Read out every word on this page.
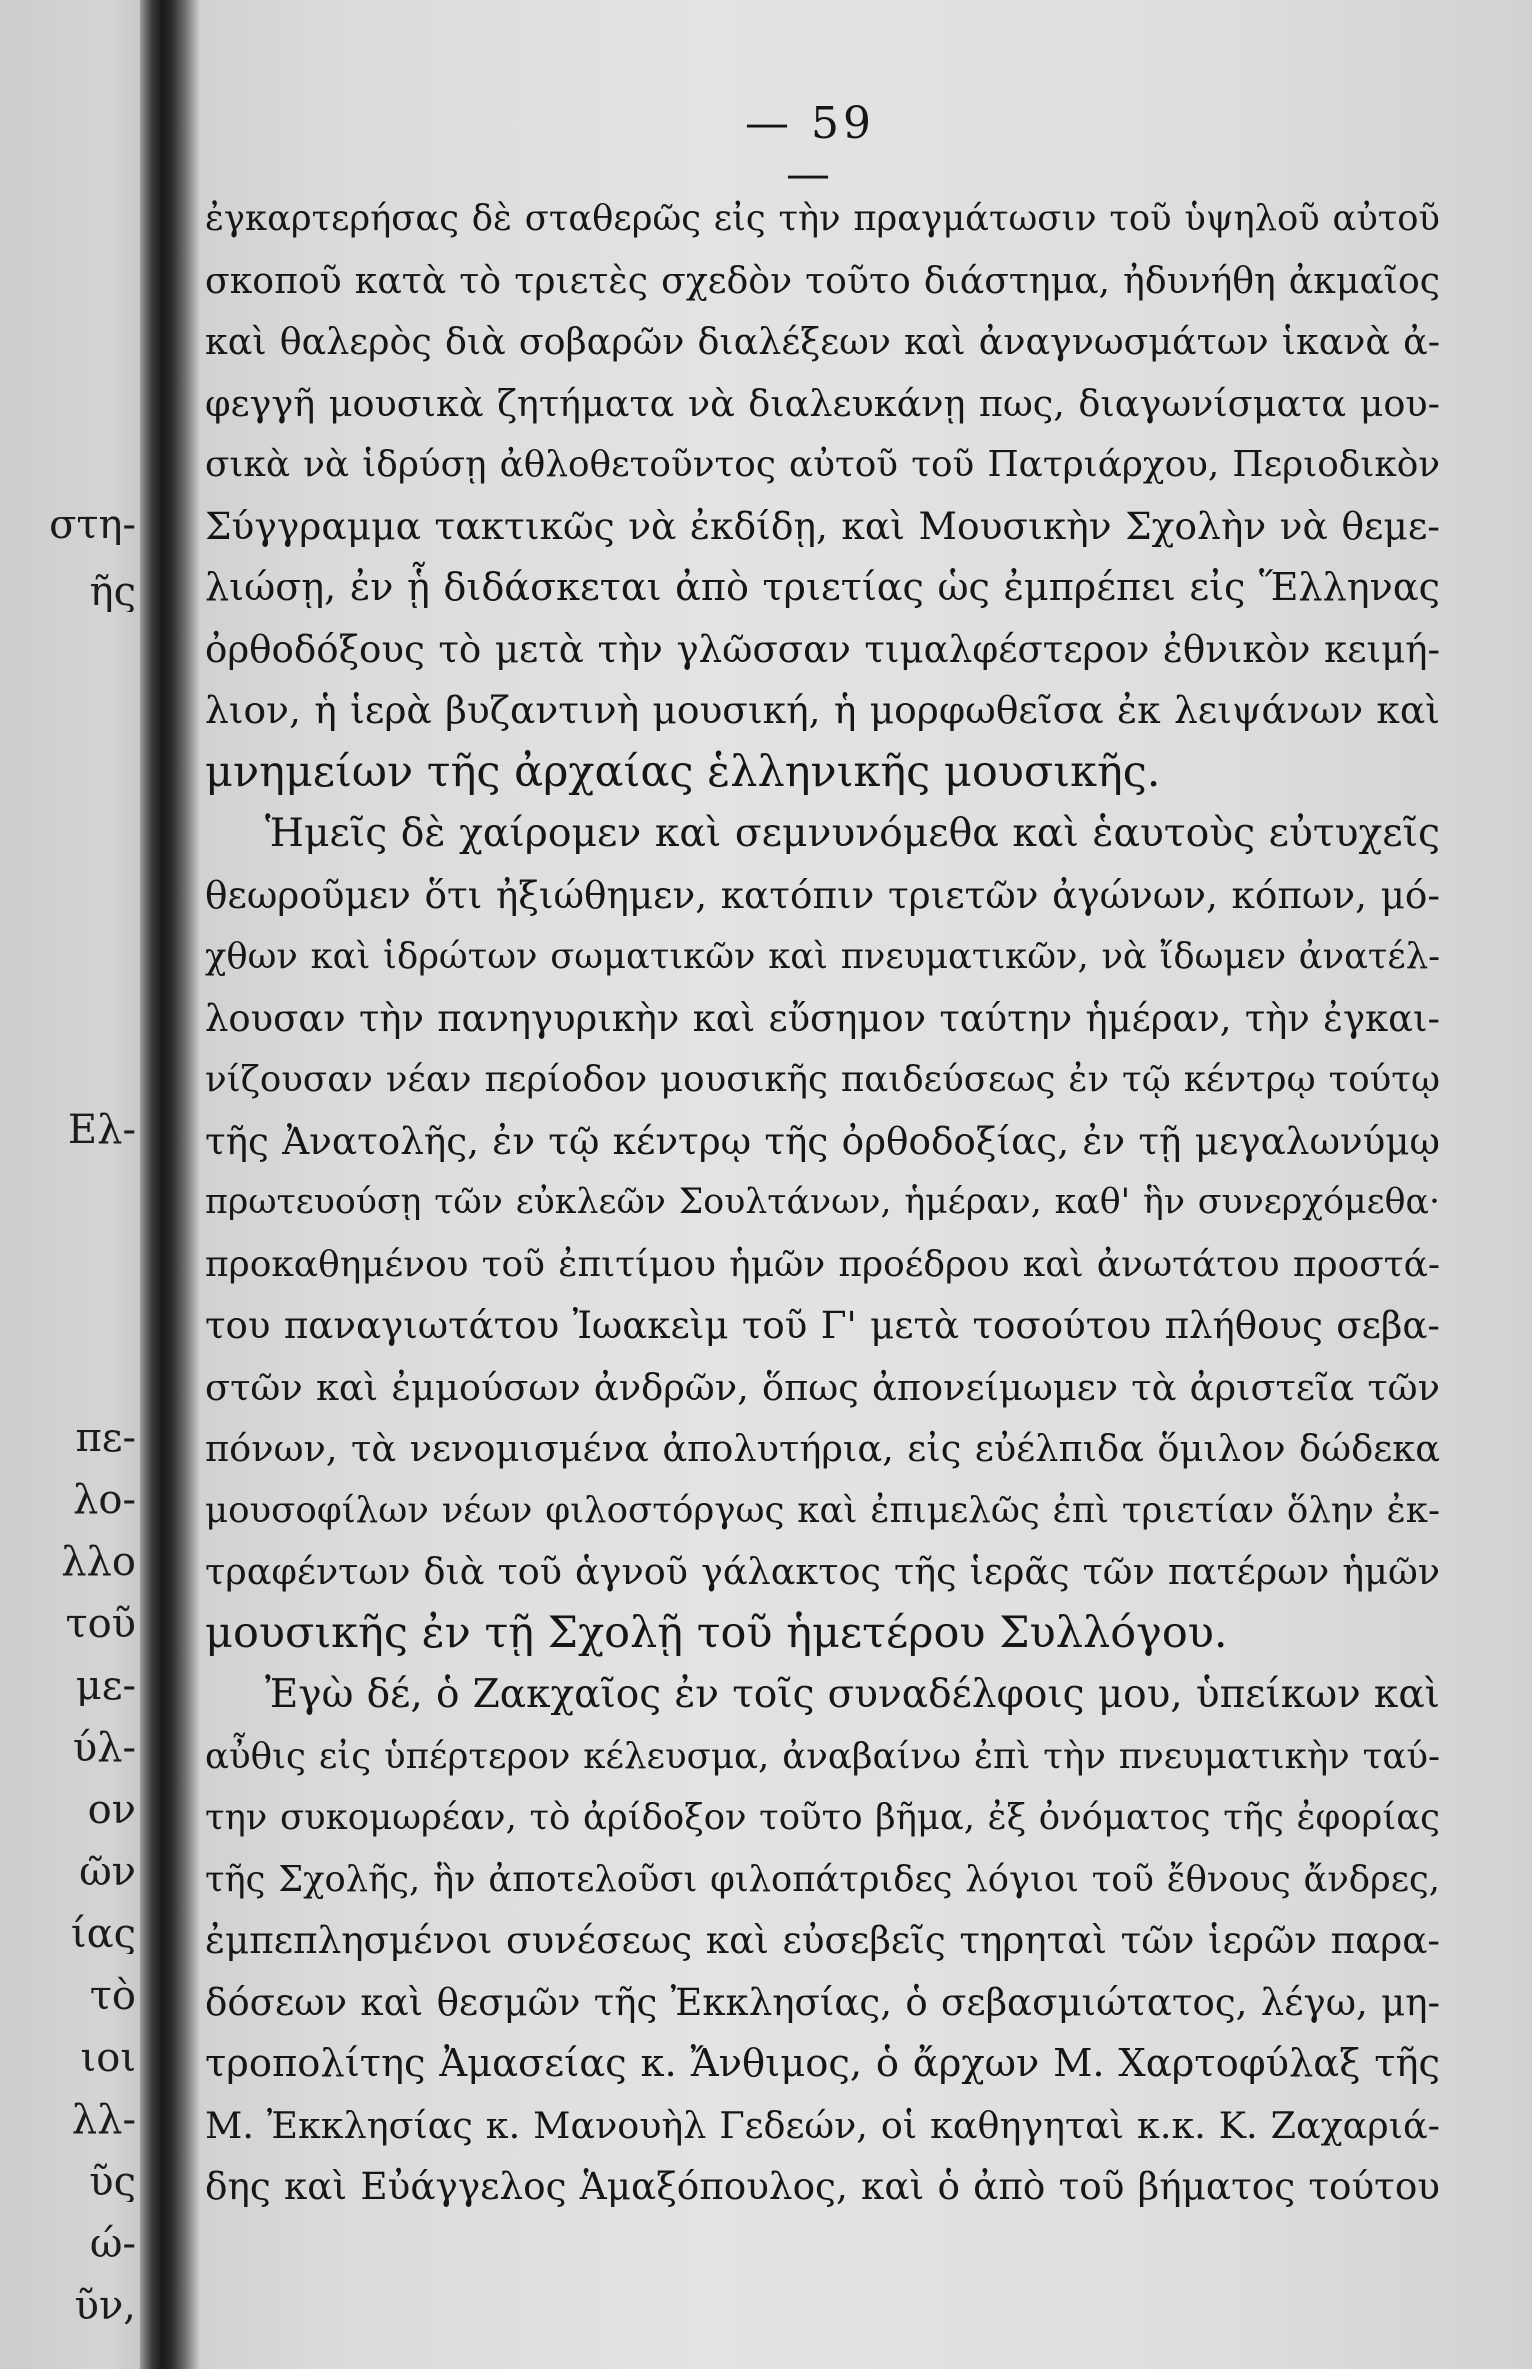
στη-
ῆς
Ελ-
πε-
λο-
λλο
τοῦ
με-
ύλ-
ον
ῶν
ίας
τὸ
ιοι
λλ-
ῦς
ώ-
ῦν,
— 59 —
ἐγκαρτερήσας δὲ σταθερῶς εἰς τὴν πραγμάτωσιν τοῦ ὑψηλοῦ αὐτοῦ
σκοποῦ κατὰ τὸ τριετὲς σχεδὸν τοῦτο διάστημα, ἠδυνήθη ἀκμαῖος
καὶ θαλερὸς διὰ σοβαρῶν διαλέξεων καὶ ἀναγνωσμάτων ἱκανὰ ἀ-
φεγγῆ μουσικὰ ζητήματα νὰ διαλευκάνῃ πως, διαγωνίσματα μου-
σικὰ νὰ ἱδρύσῃ ἀθλοθετοῦντος αὐτοῦ τοῦ Πατριάρχου, Περιοδικὸν
Σύγγραμμα τακτικῶς νὰ ἐκδίδῃ, καὶ Μουσικὴν Σχολὴν νὰ θεμε-
λιώσῃ, ἐν ᾗ διδάσκεται ἀπὸ τριετίας ὡς ἐμπρέπει εἰς Ἕλληνας
ὀρθοδόξους τὸ μετὰ τὴν γλῶσσαν τιμαλφέστερον ἐθνικὸν κειμή-
λιον, ἡ ἱερὰ βυζαντινὴ μουσική, ἡ μορφωθεῖσα ἐκ λειψάνων καὶ
μνημείων τῆς ἀρχαίας ἑλληνικῆς μουσικῆς.
Ἡμεῖς δὲ χαίρομεν καὶ σεμνυνόμεθα καὶ ἑαυτοὺς εὐτυχεῖς
θεωροῦμεν ὅτι ἠξιώθημεν, κατόπιν τριετῶν ἀγώνων, κόπων, μό-
χθων καὶ ἱδρώτων σωματικῶν καὶ πνευματικῶν, νὰ ἴδωμεν ἀνατέλ-
λουσαν τὴν πανηγυρικὴν καὶ εὔσημον ταύτην ἡμέραν, τὴν ἐγκαι-
νίζουσαν νέαν περίοδον μουσικῆς παιδεύσεως ἐν τῷ κέντρῳ τούτῳ
τῆς Ἀνατολῆς, ἐν τῷ κέντρῳ τῆς ὀρθοδοξίας, ἐν τῇ μεγαλωνύμῳ
πρωτευούσῃ τῶν εὐκλεῶν Σουλτάνων, ἡμέραν, καθ' ἣν συνερχόμεθα·
προκαθημένου τοῦ ἐπιτίμου ἡμῶν προέδρου καὶ ἀνωτάτου προστά-
του παναγιωτάτου Ἰωακεὶμ τοῦ Γ' μετὰ τοσούτου πλήθους σεβα-
στῶν καὶ ἐμμούσων ἀνδρῶν, ὅπως ἀπονείμωμεν τὰ ἀριστεῖα τῶν
πόνων, τὰ νενομισμένα ἀπολυτήρια, εἰς εὐέλπιδα ὅμιλον δώδεκα
μουσοφίλων νέων φιλοστόργως καὶ ἐπιμελῶς ἐπὶ τριετίαν ὅλην ἐκ-
τραφέντων διὰ τοῦ ἁγνοῦ γάλακτος τῆς ἱερᾶς τῶν πατέρων ἡμῶν
μουσικῆς ἐν τῇ Σχολῇ τοῦ ἡμετέρου Συλλόγου.
Ἐγὼ δέ, ὁ Ζακχαῖος ἐν τοῖς συναδέλφοις μου, ὑπείκων καὶ
αὖθις εἰς ὑπέρτερον κέλευσμα, ἀναβαίνω ἐπὶ τὴν πνευματικὴν ταύ-
την συκομωρέαν, τὸ ἀρίδοξον τοῦτο βῆμα, ἐξ ὀνόματος τῆς ἐφορίας
τῆς Σχολῆς, ἣν ἀποτελοῦσι φιλοπάτριδες λόγιοι τοῦ ἔθνους ἄνδρες,
ἐμπεπλησμένοι συνέσεως καὶ εὐσεβεῖς τηρηταὶ τῶν ἱερῶν παρα-
δόσεων καὶ θεσμῶν τῆς Ἐκκλησίας, ὁ σεβασμιώτατος, λέγω, μη-
τροπολίτης Ἀμασείας κ. Ἄνθιμος, ὁ ἄρχων Μ. Χαρτοφύλαξ τῆς
Μ. Ἐκκλησίας κ. Μανουὴλ Γεδεών, οἱ καθηγηταὶ κ.κ. Κ. Ζαχαριά-
δης καὶ Εὐάγγελος Ἁμαξόπουλος, καὶ ὁ ἀπὸ τοῦ βήματος τούτου
